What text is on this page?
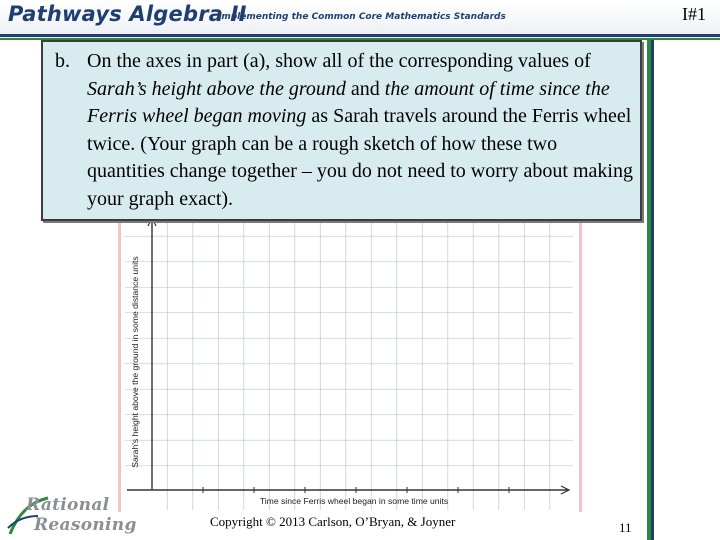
Pathways Algebra II
Implementing the Common Core Mathematics Standards	I#1
Sarah's height above the ground in some distance units
Time since Ferris wheel began in some time units
b. On the axes in part (a), show all of the corresponding values of Sarah’s height above the ground and the amount of time since the Ferris wheel began moving as Sarah travels around the Ferris wheel twice. (Your graph can be a rough sketch of how these two quantities change together – you do not need to worry about making your graph exact).
Rational
Reasoning	Copyright © 2013 Carlson, O’Bryan, & Joyner	11
